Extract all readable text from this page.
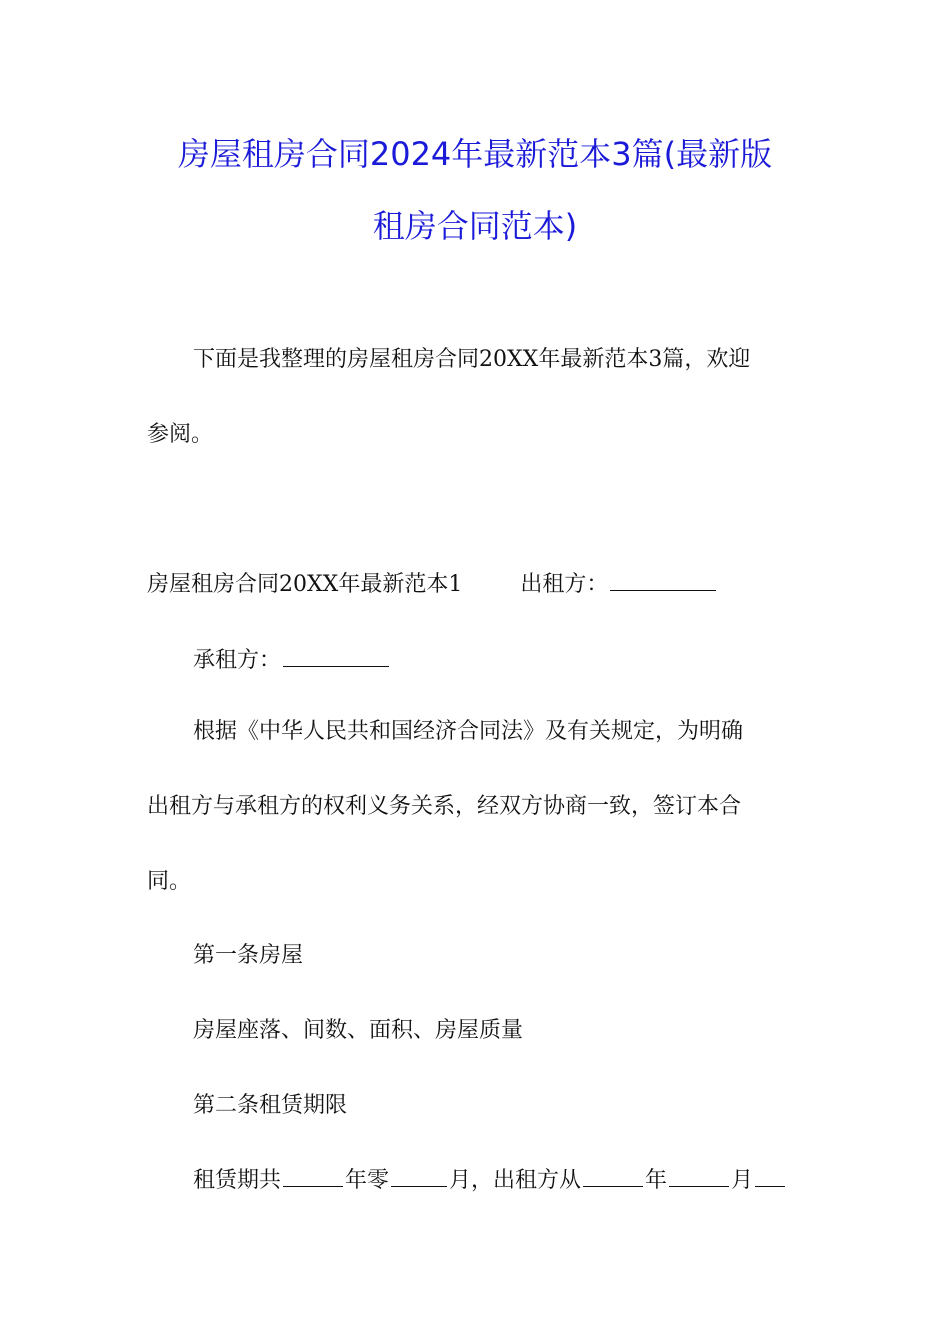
房屋租房合同2024年最新范本3篇(最新版
租房合同范本)
下面是我整理的房屋租房合同20XX年最新范本3篇，欢迎
参阅。
房屋租房合同20XX年最新范本1	出租方：
承租方：
根据《中华人民共和国经济合同法》及有关规定，为明确
出租方与承租方的权利义务关系，经双方协商一致，签订本合
同。
第一条房屋
房屋座落、间数、面积、房屋质量
第二条租赁期限
租赁期共	年零	月，出租方从	年	月
